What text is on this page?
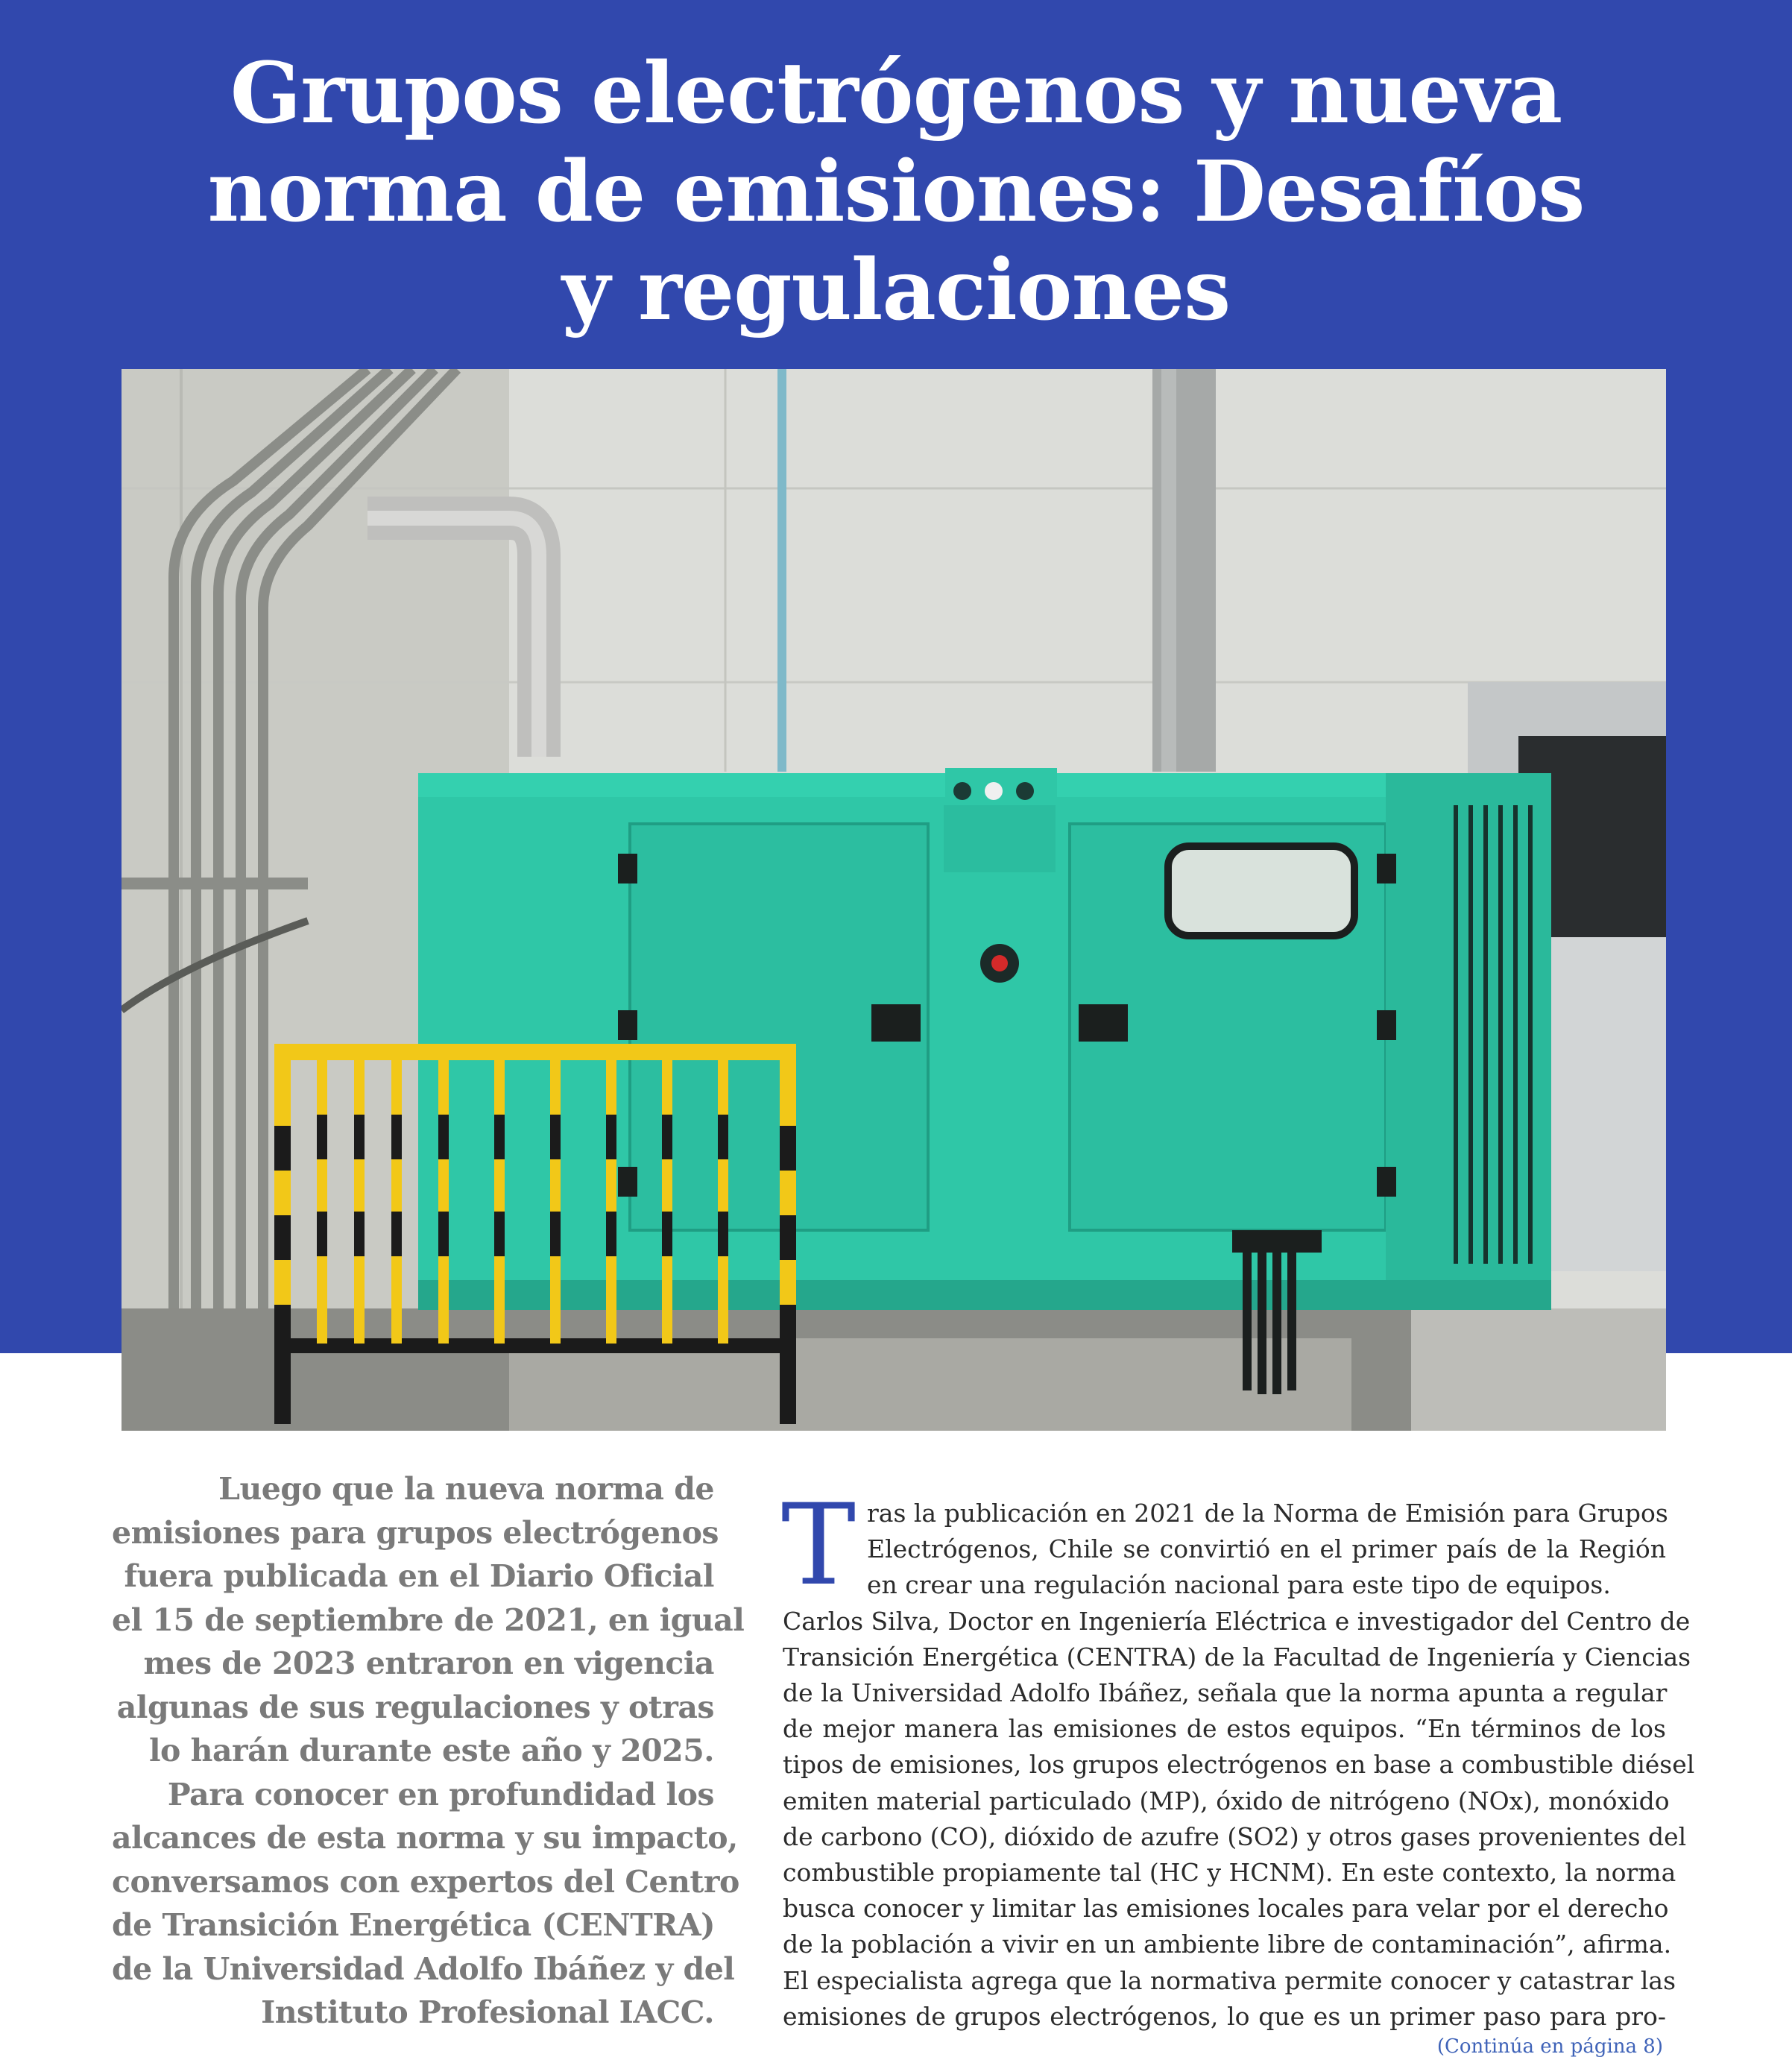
Grupos electrógenos y nueva
norma de emisiones: Desafíos
y regulaciones
Luego que la nueva norma de
emisiones para grupos electrógenos
fuera publicada en el Diario Oficial
el 15 de septiembre de 2021, en igual
mes de 2023 entraron en vigencia
algunas de sus regulaciones y otras
lo harán durante este año y 2025.
Para conocer en profundidad los
alcances de esta norma y su impacto,
conversamos con expertos del Centro
de Transición Energética (CENTRA)
de la Universidad Adolfo Ibáñez y del
Instituto Profesional IACC.
T ras la publicación en 2021 de la Norma de Emisión para Grupos
Electrógenos, Chile se convirtió en el primer país de la Región
en crear una regulación nacional para este tipo de equipos.
Carlos Silva, Doctor en Ingeniería Eléctrica e investigador del Centro de
Transición Energética (CENTRA) de la Facultad de Ingeniería y Ciencias
de la Universidad Adolfo Ibáñez, señala que la norma apunta a regular
de mejor manera las emisiones de estos equipos. “En términos de los
tipos de emisiones, los grupos electrógenos en base a combustible diésel
emiten material particulado (MP), óxido de nitrógeno (NOx), monóxido
de carbono (CO), dióxido de azufre (SO2) y otros gases provenientes del
combustible propiamente tal (HC y HCNM). En este contexto, la norma
busca conocer y limitar las emisiones locales para velar por el derecho
de la población a vivir en un ambiente libre de contaminación”, afirma.
El especialista agrega que la normativa permite conocer y catastrar las
emisiones de grupos electrógenos, lo que es un primer paso para pro-
(Continúa en página 8)
